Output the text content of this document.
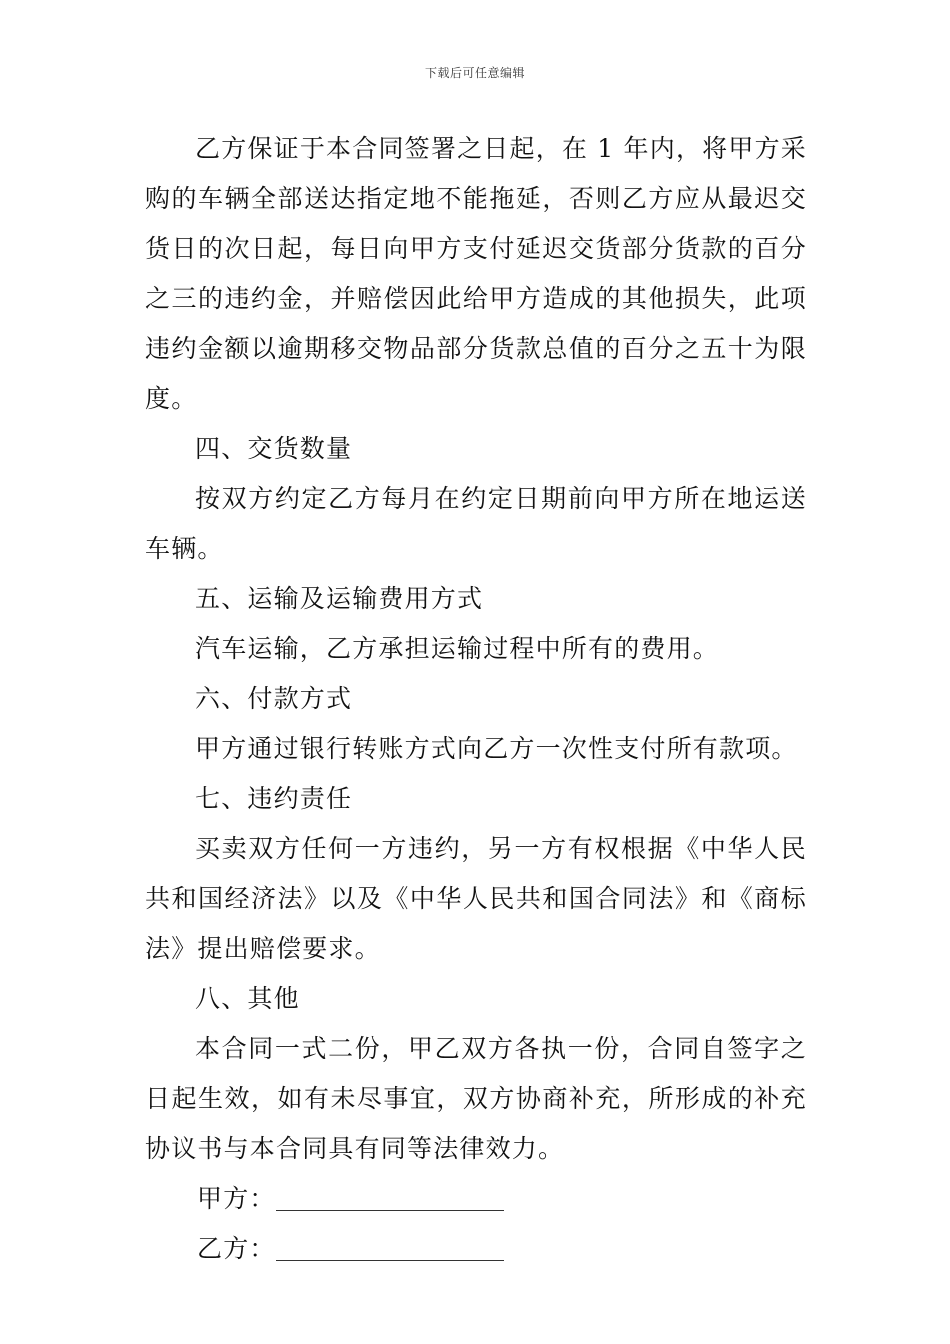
下载后可任意编辑

乙方保证于本合同签署之日起，在 1 年内，将甲方采购的车辆全部送达指定地不能拖延，否则乙方应从最迟交货日的次日起，每日向甲方支付延迟交货部分货款的百分之三的违约金，并赔偿因此给甲方造成的其他损失，此项违约金额以逾期移交物品部分货款总值的百分之五十为限度。

四、交货数量

按双方约定乙方每月在约定日期前向甲方所在地运送车辆。

五、运输及运输费用方式

汽车运输，乙方承担运输过程中所有的费用。

六、付款方式

甲方通过银行转账方式向乙方一次性支付所有款项。

七、违约责任

买卖双方任何一方违约，另一方有权根据《中华人民共和国经济法》以及《中华人民共和国合同法》和《商标法》提出赔偿要求。

八、其他

本合同一式二份，甲乙双方各执一份，合同自签字之日起生效，如有未尽事宜，双方协商补充，所形成的补充协议书与本合同具有同等法律效力。

甲方：
乙方：
